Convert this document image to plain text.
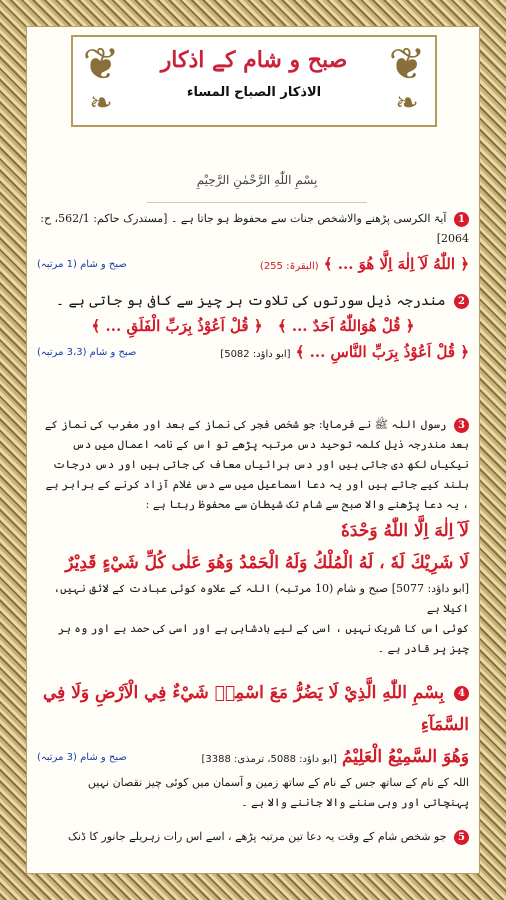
❦	❦
❧	❧
صبح و شام کے اذکار
الاذكار الصباح المساء
بِسْمِ اللّٰهِ الرَّحْمٰنِ الرَّحِيْمِ
1 آیۃ الکرسی پڑھنے والاشخص جنات سے محفوظ ہو جاتا ہے ۔ [مستدرک حاکم: 562/1، ح: 2064]
﴿ اللّٰهُ لَآ اِلٰهَ اِلَّا هُوَ ... ﴾ (البقرۃ: 255)
صبح و شام (1 مرتبہ)
2 مندرجہ ذیل سورتوں کی تلاوت ہر چیز سے کافی ہو جاتی ہے ۔
﴿ قُلْ هُوَاللّٰهُ اَحَدٌ ... ﴾   ﴿ قُلْ اَعُوْذُ بِرَبِّ الْفَلَقِ ... ﴾
﴿ قُلْ اَعُوْذُ بِرَبِّ النَّاسِ ... ﴾ [ابو داؤد: 5082]
صبح و شام (3،3 مرتبہ)
3 رسول اللہ ﷺ نے فرمایا: جو شخص فجر کی نماز کے بعد اور مغرب کی نماز کے بعد مندرجہ ذیل کلمہ توحید دس مرتبہ پڑھے تو اس کے نامہ اعمال میں دس نیکیاں لکھ دی جاتی ہیں اور دس برائیاں معاف کی جاتی ہیں اور دس درجات بلند کیے جاتے ہیں اور یہ دعا اسماعیل میں سے دس غلام آزاد کرنے کے برابر ہے ، یہ دعا پڑھنے والا صبح سے شام تک شیطان سے محفوظ رہتا ہے :
لَآ اِلٰهَ اِلَّا اللّٰهُ وَحْدَهٗ
لَا شَرِيْكَ لَهٗ ، لَهُ الْمُلْكُ وَلَهُ الْحَمْدُ وَهُوَ عَلٰى كُلِّ شَيْءٍ قَدِيْرٌ
[ابو داؤد: 5077] صبح و شام (10 مرتبہ) اللہ کے علاوہ کوئی عبادت کے لائق نہیں، اکیلا ہے
کوئی اس کا شریک نہیں ، اسی کے لیے بادشاہی ہے اور اسی کی حمد ہے اور وہ ہر چیز پر قادر ہے ۔
4 بِسْمِ اللّٰهِ الَّذِيْ لَا يَضُرُّ مَعَ اسْمِهٖ شَيْءٌ فِي الْاَرْضِ وَلَا فِي السَّمَآءِ
وَهُوَ السَّمِيْعُ الْعَلِيْمُ [ابو داؤد: 5088، ترمذی: 3388]
صبح و شام (3 مرتبہ)
اللہ کے نام کے ساتھ جس کے نام کے ساتھ زمین و آسمان میں کوئی چیز نقصان نہیں
پہنچاتی اور وہی سننے والا جاننے والا ہے ۔
5 جو شخص شام کے وقت یہ دعا تین مرتبہ پڑھے ، اسے اس رات زہریلے جانور کا ڈنک
